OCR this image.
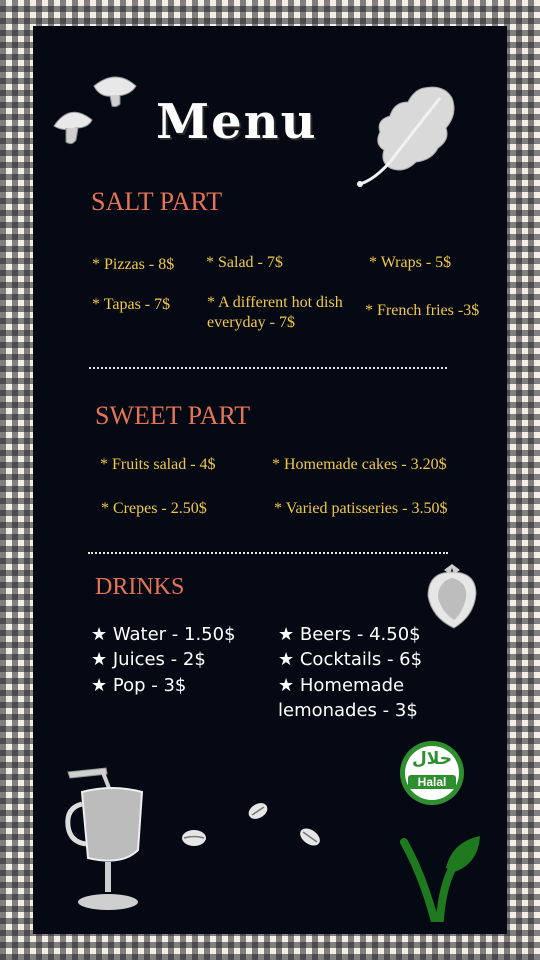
Menu
SALT PART
* Pizzas - 8$	* Salad - 7$	* Wraps - 5$
* Tapas - 7$	* A different hot dish everyday - 7$
* French fries -3$
SWEET PART
* Fruits salad - 4$	* Homemade cakes - 3.20$
* Crepes - 2.50$	* Varied patisseries - 3.50$
DRINKS
★ Water - 1.50$
★ Juices - 2$
★ Pop - 3$
★ Beers - 4.50$
★ Cocktails - 6$
★ Homemade lemonades - 3$
حلال
Halal
